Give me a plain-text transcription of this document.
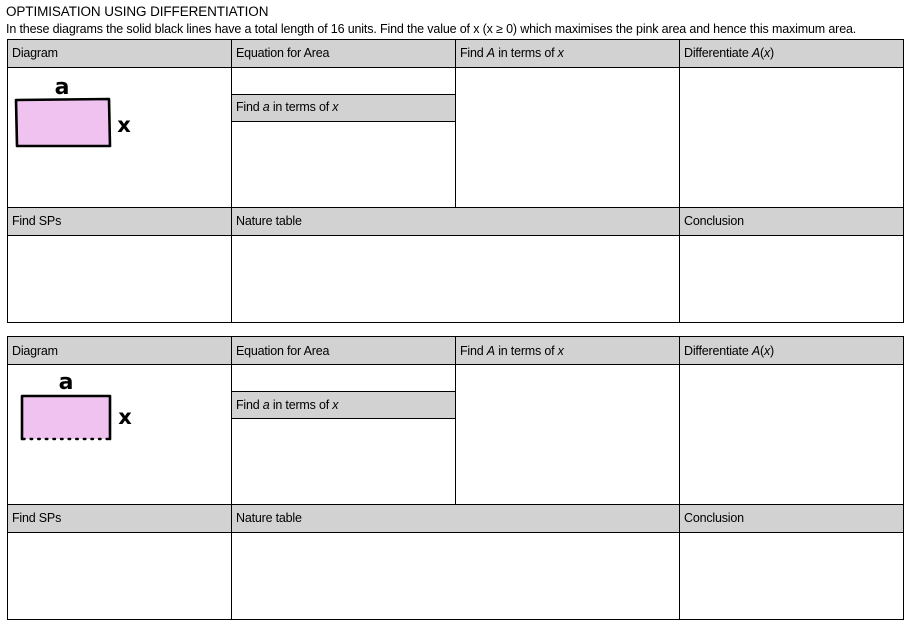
OPTIMISATION USING DIFFERENTIATION
In these diagrams the solid black lines have a total length of 16 units. Find the value of x (x ≥ 0) which maximises the pink area and hence this maximum area.
Diagram	Equation for Area	Find A in terms of x	Differentiate A(x)
Find a in terms of x
Find SPs	Nature table	Conclusion
a
x
Diagram	Equation for Area	Find A in terms of x	Differentiate A(x)
Find a in terms of x
Find SPs	Nature table	Conclusion
a
x
